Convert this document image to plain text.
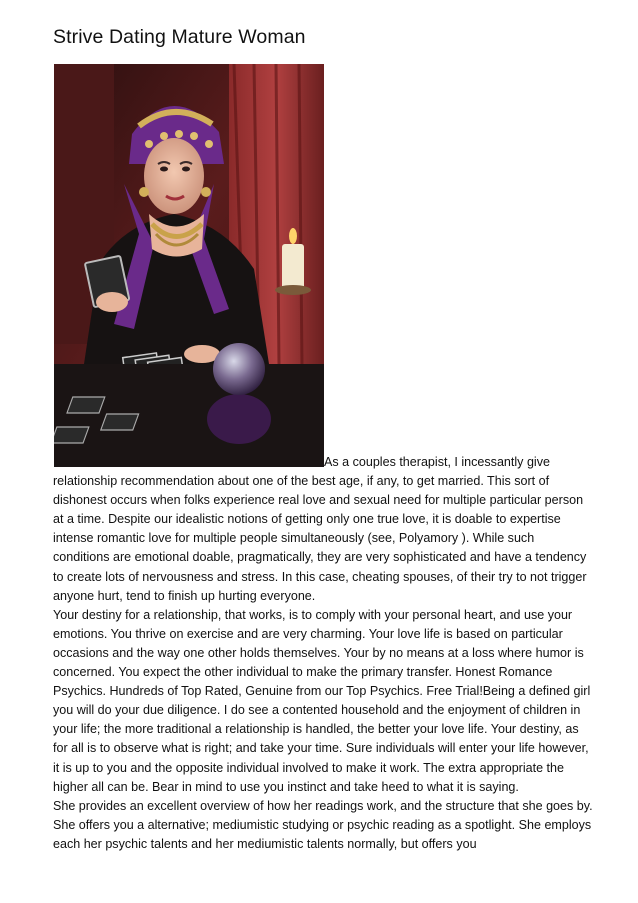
Strive Dating Mature Woman

As a couples therapist, I incessantly give relationship recommendation about one of the best age, if any, to get married. This sort of dishonest occurs when folks experience real love and sexual need for multiple particular person at a time. Despite our idealistic notions of getting only one true love, it is doable to expertise intense romantic love for multiple people simultaneously (see, Polyamory ). While such conditions are emotional doable, pragmatically, they are very sophisticated and have a tendency to create lots of nervousness and stress. In this case, cheating spouses, of their try to not trigger anyone hurt, tend to finish up hurting everyone.

Your destiny for a relationship, that works, is to comply with your personal heart, and use your emotions. You thrive on exercise and are very charming. Your love life is based on particular occasions and the way one other holds themselves. Your by no means at a loss where humor is concerned. You expect the other individual to make the primary transfer. Honest Romance Psychics. Hundreds of Top Rated, Genuine from our Top Psychics. Free Trial!Being a defined girl you will do your due diligence. I do see a contented household and the enjoyment of children in your life; the more traditional a relationship is handled, the better your love life. Your destiny, as for all is to observe what is right; and take your time. Sure individuals will enter your life however, it is up to you and the opposite individual involved to make it work. The extra appropriate the higher all can be. Bear in mind to use you instinct and take heed to what it is saying.

She provides an excellent overview of how her readings work, and the structure that she goes by. She offers you a alternative; mediumistic studying or psychic reading as a spotlight. She employs each her psychic talents and her mediumistic talents normally, but offers you
